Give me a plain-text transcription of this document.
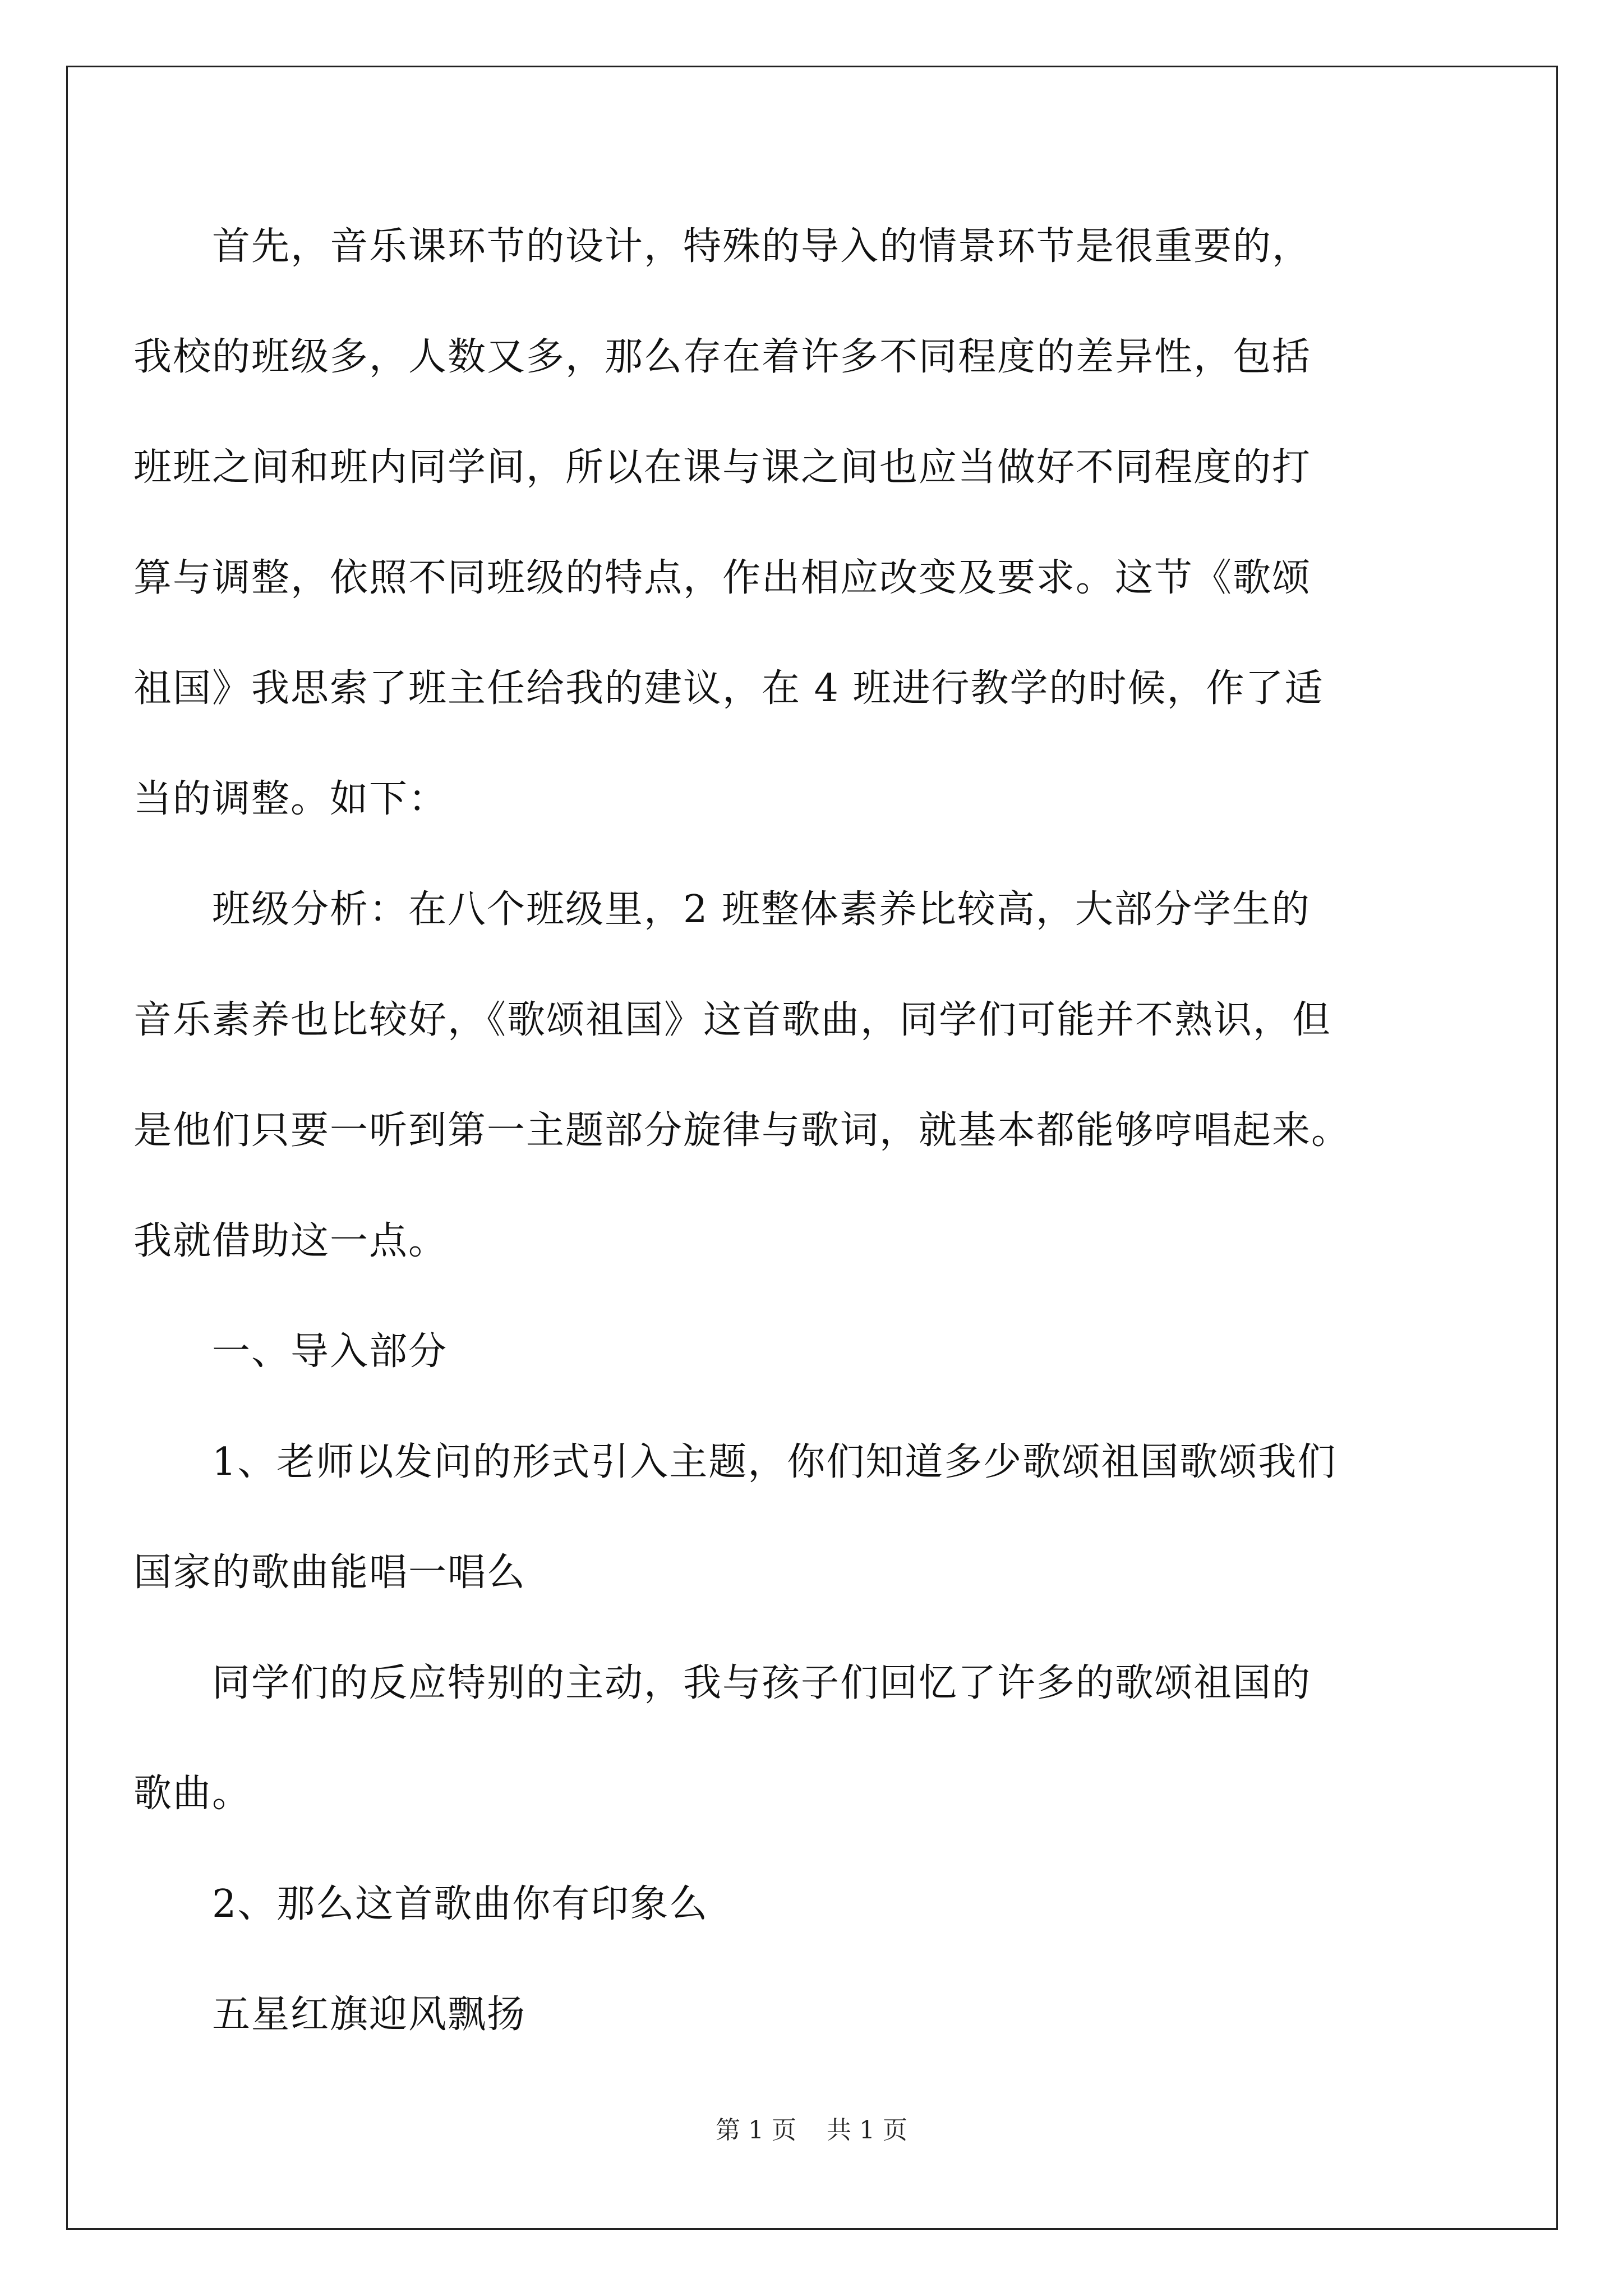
　　首先，音乐课环节的设计，特殊的导入的情景环节是很重要的，
我校的班级多，人数又多，那么存在着许多不同程度的差异性，包括
班班之间和班内同学间，所以在课与课之间也应当做好不同程度的打
算与调整，依照不同班级的特点，作出相应改变及要求。这节《歌颂
祖国》我思索了班主任给我的建议，在 4 班进行教学的时候，作了适
当的调整。如下：
　　班级分析：在八个班级里，2 班整体素养比较高，大部分学生的
音乐素养也比较好，《歌颂祖国》这首歌曲，同学们可能并不熟识，但
是他们只要一听到第一主题部分旋律与歌词，就基本都能够哼唱起来。
我就借助这一点。
　　一、导入部分
　　1、老师以发问的形式引入主题，你们知道多少歌颂祖国歌颂我们
国家的歌曲能唱一唱么
　　同学们的反应特别的主动，我与孩子们回忆了许多的歌颂祖国的
歌曲。
　　2、那么这首歌曲你有印象么
　　五星红旗迎风飘扬
第 1 页 共 1 页
